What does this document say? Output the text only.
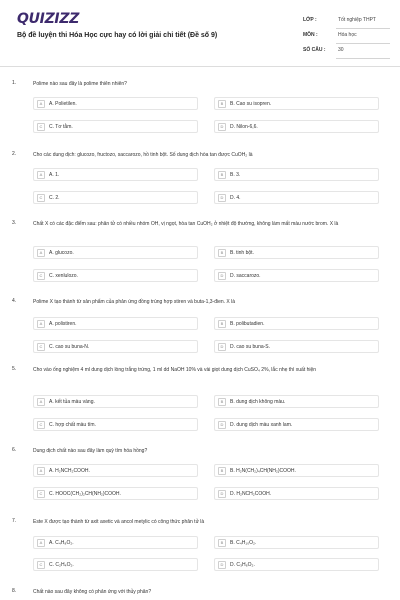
QUIZIZZ
Bộ đề luyện thi Hóa Học cực hay có lời giải chi tiết (Đề số 9)
LỚP :	Tốt nghiệp THPT
MÔN :	Hóa học
SỐ CÂU :	30
1.	Polime nào sau đây là polime thiên nhiên?
A	A. Polietilen.	B	B. Cao su isopren.
C	C. Tơ tằm.	D	D. Nilon-6,6.
2.	Cho các dung dịch: glucozo, fructozo, saccarozo, hồ tinh bột. Số dung dịch hòa tan được CuOH₂ là
A	A. 1.	B	B. 3.
C	C. 2.	D	D. 4.
3.	Chất X có các đặc điểm sau: phân tử có nhiều nhóm OH, vị ngọt, hòa tan CuOH₂ ở nhiệt độ thường, không làm mất màu nước brom. X là
A	A. glucozo.	B	B. tinh bột.
C	C. xenlulozo.	D	D. saccarozo.
4.	Polime X tạo thành từ sản phẩm của phản ứng đồng trùng hợp stiren và buta-1,3-đien. X là
A	A. polistiren.	B	B. polibutadien.
C	C. cao su buna-N.	D	D. cao su buna-S.
5.	Cho vào ống nghiệm 4 ml dung dịch lòng trắng trứng, 1 ml dd NaOH 10% và vài giọt dung dịch CuSO₄ 2%, lắc nhẹ thì xuất hiện
A	A. kết tủa màu vàng.	B	B. dung dịch không màu.
C	C. hợp chất màu tím.	D	D. dung dịch màu xanh lam.
6.	Dung dịch chất nào sau đây làm quỳ tím hóa hồng?
A	A. H₂NCH₂COOH.	B	B. H₂N(CH₂)₄CH(NH₂)COOH.
C	C. HOOC(CH₂)₂CH(NH₂)COOH.	D	D. H₂NCH₂COOH.
7.	Este X được tạo thành từ axit axetic và ancol metylic có công thức phân tử là
A	A. C₄H₈O₂.	B	B. C₄H₁₀O₂.
C	C. C₂H₄O₂.	D	D. C₃H₆O₂.
8.	Chất nào sau đây không có phản ứng với thủy phân?
